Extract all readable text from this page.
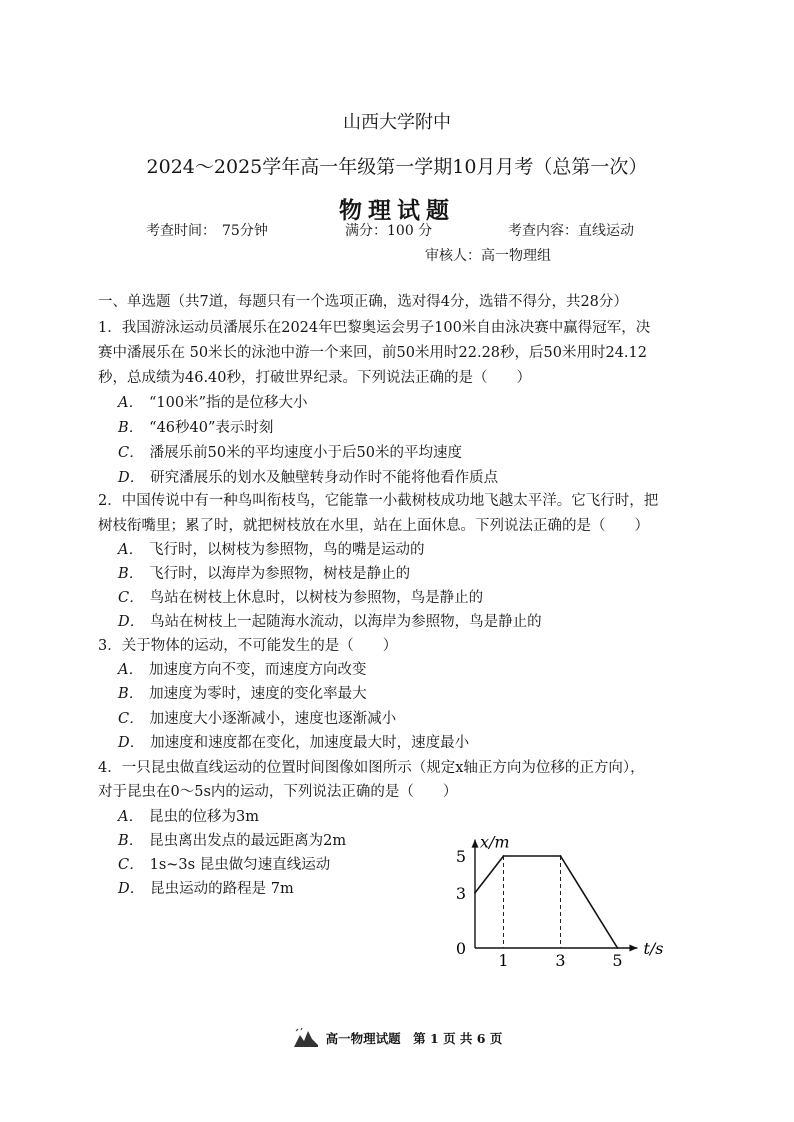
山西大学附中
2024～2025学年高一年级第一学期10月月考（总第一次）
物理试题
考查时间： 75分钟	满分：100 分	考查内容：直线运动
审核人：高一物理组
一、单选题（共7道，每题只有一个选项正确，选对得4分，选错不得分，共28分）
1．我国游泳运动员潘展乐在2024年巴黎奥运会男子100米自由泳决赛中赢得冠军，决
赛中潘展乐在 50米长的泳池中游一个来回，前50米用时22.28秒，后50米用时24.12
秒，总成绩为46.40秒，打破世界纪录。下列说法正确的是（　　）
A． “100米”指的是位移大小
B． “46秒40”表示时刻
C． 潘展乐前50米的平均速度小于后50米的平均速度
D． 研究潘展乐的划水及触壁转身动作时不能将他看作质点
2．中国传说中有一种鸟叫衔枝鸟，它能靠一小截树枝成功地飞越太平洋。它飞行时，把
树枝衔嘴里；累了时，就把树枝放在水里，站在上面休息。下列说法正确的是（　　）
A． 飞行时，以树枝为参照物，鸟的嘴是运动的
B． 飞行时，以海岸为参照物，树枝是静止的
C． 鸟站在树枝上休息时，以树枝为参照物，鸟是静止的
D． 鸟站在树枝上一起随海水流动，以海岸为参照物，鸟是静止的
3．关于物体的运动，不可能发生的是（　　）
A． 加速度方向不变，而速度方向改变
B． 加速度为零时，速度的变化率最大
C． 加速度大小逐渐减小，速度也逐渐减小
D． 加速度和速度都在变化，加速度最大时，速度最小
4．一只昆虫做直线运动的位置时间图像如图所示（规定x轴正方向为位移的正方向），
对于昆虫在0～5s内的运动，下列说法正确的是（　　）
A． 昆虫的位移为3m
B． 昆虫离出发点的最远距离为2m
C． 1s~3s 昆虫做匀速直线运动
D． 昆虫运动的路程是 7m
1	3	5
3
5
0	t/s
x/m
高一物理试题　第 1 页 共 6 页
